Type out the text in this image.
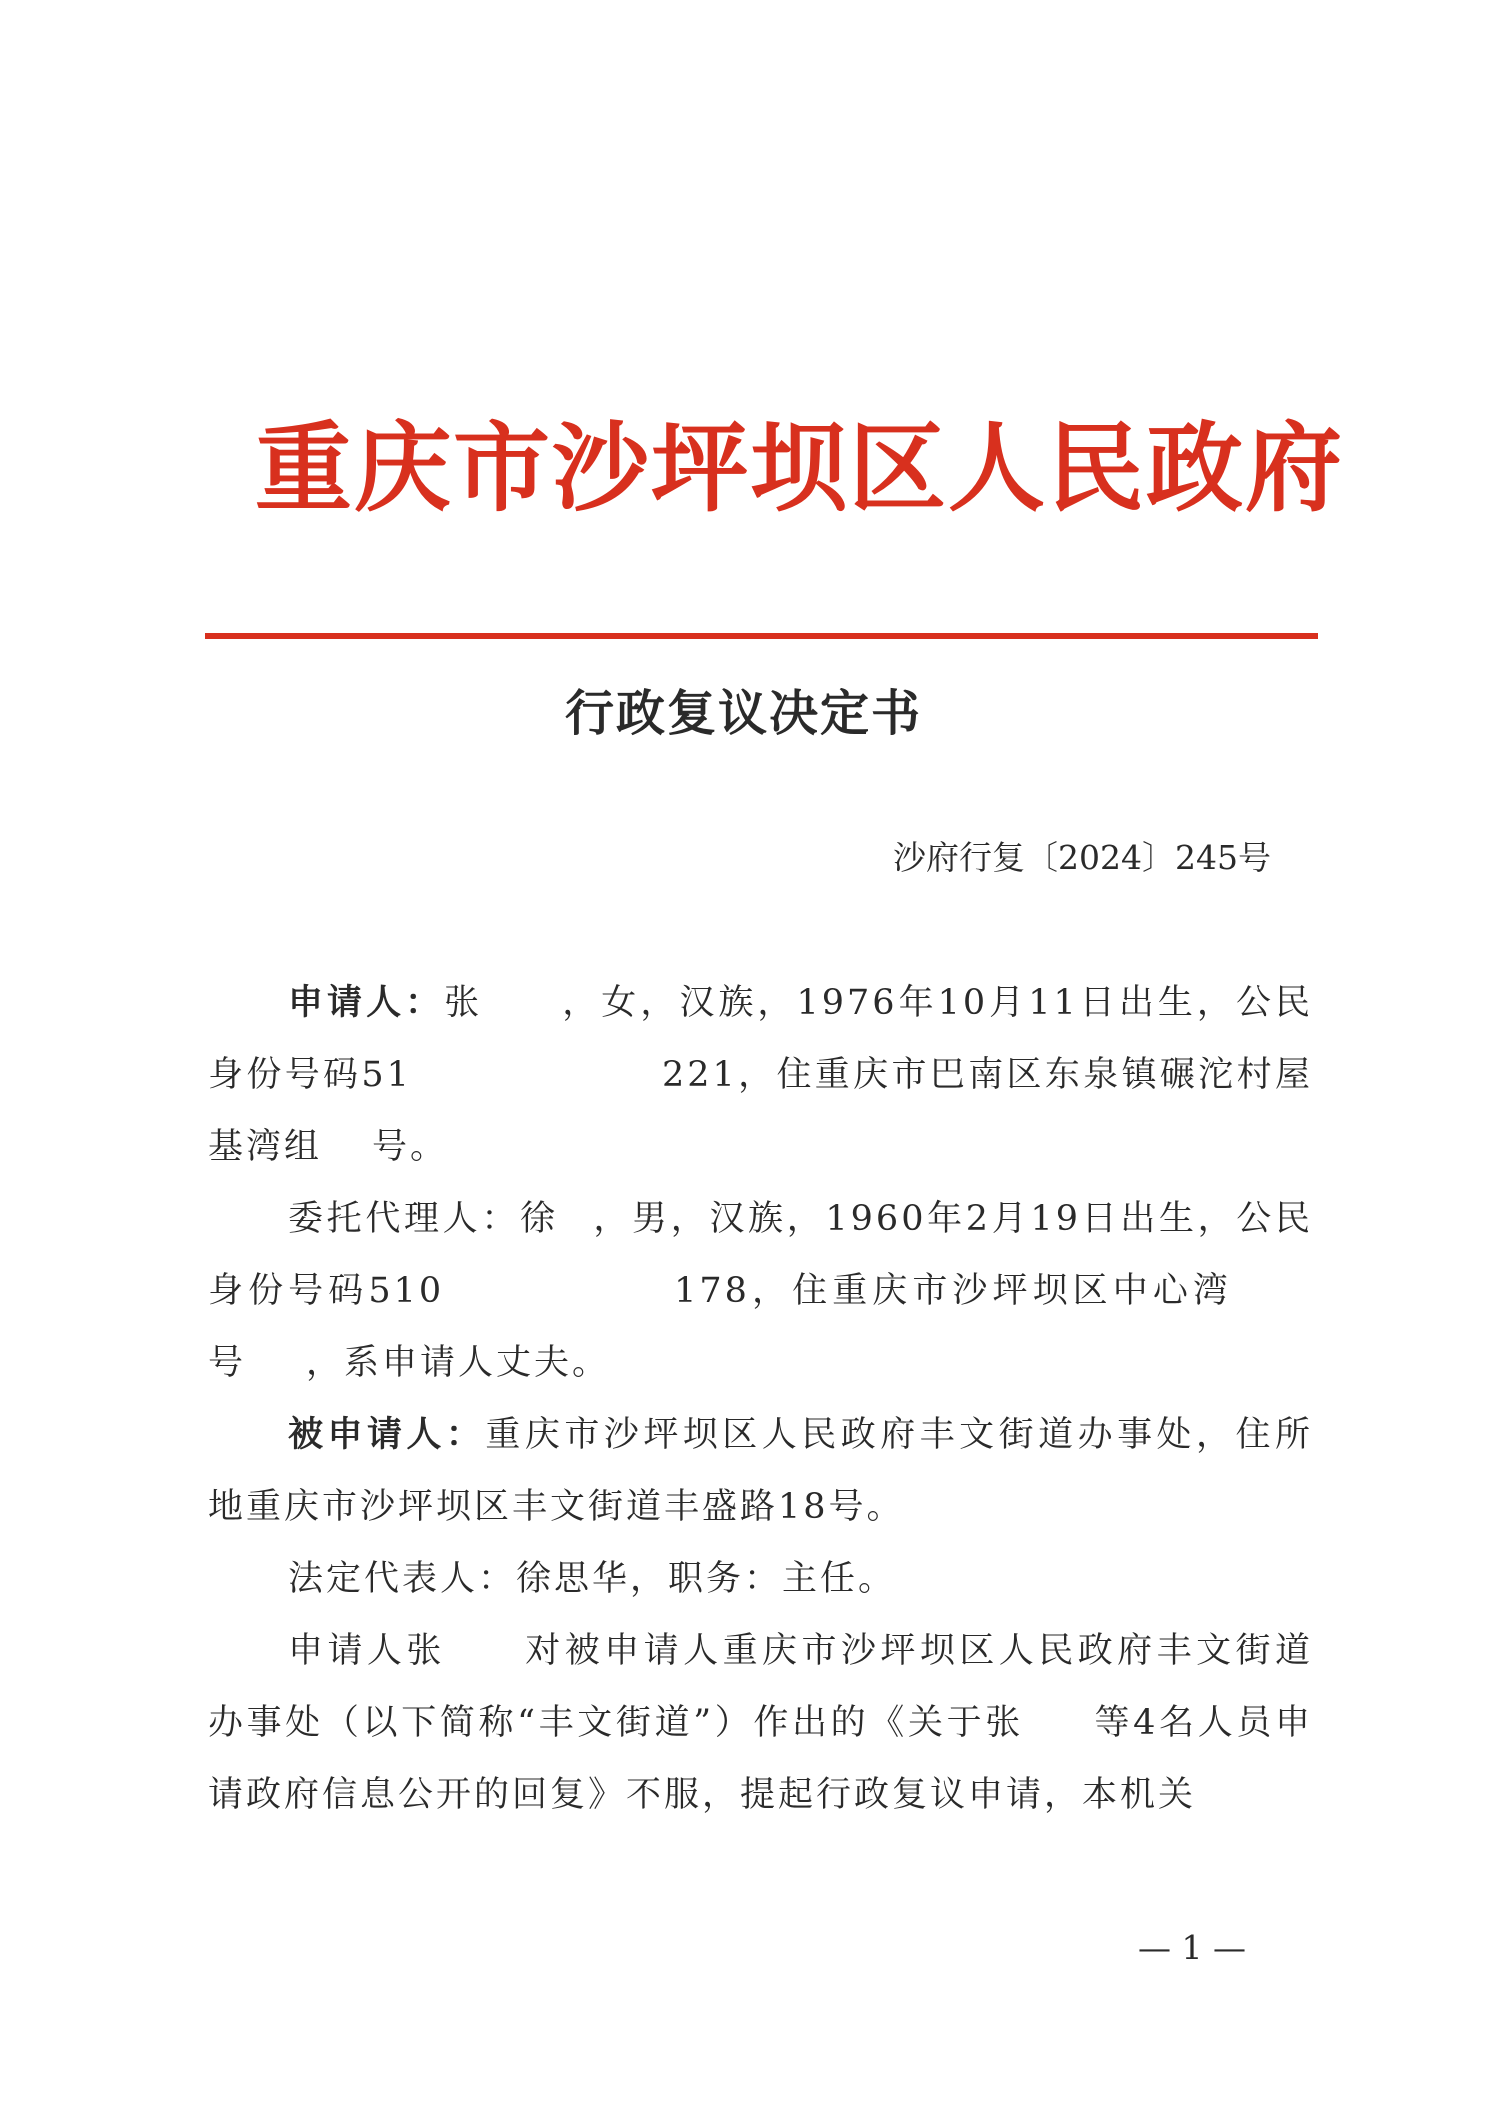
重庆市沙坪坝区人民政府
行政复议决定书
沙府行复〔2024〕245号

申请人：张 ，女，汉族，1976年10月11日出生，公民身份号码51	221，住重庆市巴南区东泉镇碾沱村屋基湾组 号。

委托代理人：徐 ，男，汉族，1960年2月19日出生，公民身份号码510	178，住重庆市沙坪坝区中心湾号 ，系申请人丈夫。

被申请人：重庆市沙坪坝区人民政府丰文街道办事处，住所地重庆市沙坪坝区丰文街道丰盛路18号。

法定代表人：徐思华，职务：主任。

申请人张 对被申请人重庆市沙坪坝区人民政府丰文街道办事处（以下简称“丰文街道”）作出的《关于张 等4名人员申请政府信息公开的回复》不服，提起行政复议申请，本机关

— 1 —
